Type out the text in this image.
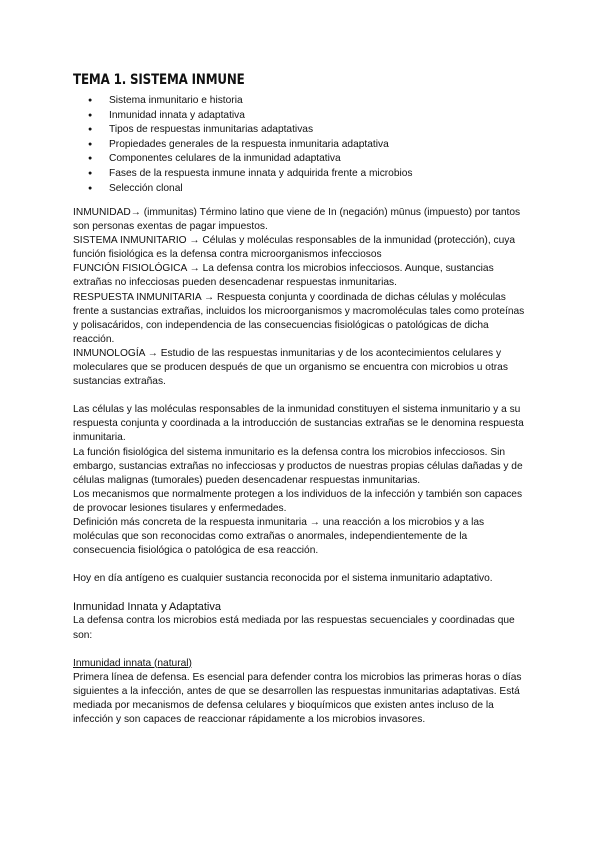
TEMA 1. SISTEMA INMUNE
● Sistema inmunitario e historia
● Inmunidad innata y adaptativa
● Tipos de respuestas inmunitarias adaptativas
● Propiedades generales de la respuesta inmunitaria adaptativa
● Componentes celulares de la inmunidad adaptativa
● Fases de la respuesta inmune innata y adquirida frente a microbios
● Selección clonal

INMUNIDAD→ (immunitas) Término latino que viene de In (negación) mūnus (impuesto) por tantos son personas exentas de pagar impuestos.

SISTEMA INMUNITARIO → Células y moléculas responsables de la inmunidad (protección), cuya función fisiológica es la defensa contra microorganismos infecciosos

FUNCIÓN FISIOLÓGICA → La defensa contra los microbios infecciosos. Aunque, sustancias extrañas no infecciosas pueden desencadenar respuestas inmunitarias.

RESPUESTA INMUNITARIA → Respuesta conjunta y coordinada de dichas células y moléculas frente a sustancias extrañas, incluidos los microorganismos y macromoléculas tales como proteínas y polisacáridos, con independencia de las consecuencias fisiológicas o patológicas de dicha reacción.

INMUNOLOGÍA → Estudio de las respuestas inmunitarias y de los acontecimientos celulares y moleculares que se producen después de que un organismo se encuentra con microbios u otras sustancias extrañas.

Las células y las moléculas responsables de la inmunidad constituyen el sistema inmunitario y a su respuesta conjunta y coordinada a la introducción de sustancias extrañas se le denomina respuesta inmunitaria.

La función fisiológica del sistema inmunitario es la defensa contra los microbios infecciosos. Sin embargo, sustancias extrañas no infecciosas y productos de nuestras propias células dañadas y de células malignas (tumorales) pueden desencadenar respuestas inmunitarias.

Los mecanismos que normalmente protegen a los individuos de la infección y también son capaces de provocar lesiones tisulares y enfermedades.

Definición más concreta de la respuesta inmunitaria → una reacción a los microbios y a las moléculas que son reconocidas como extrañas o anormales, independientemente de la consecuencia fisiológica o patológica de esa reacción.

Hoy en día antígeno es cualquier sustancia reconocida por el sistema inmunitario adaptativo.

Inmunidad Innata y Adaptativa

La defensa contra los microbios está mediada por las respuestas secuenciales y coordinadas que son:

Inmunidad innata (natural)

Primera línea de defensa. Es esencial para defender contra los microbios las primeras horas o días siguientes a la infección, antes de que se desarrollen las respuestas inmunitarias adaptativas. Está mediada por mecanismos de defensa celulares y bioquímicos que existen antes incluso de la infección y son capaces de reaccionar rápidamente a los microbios invasores.
